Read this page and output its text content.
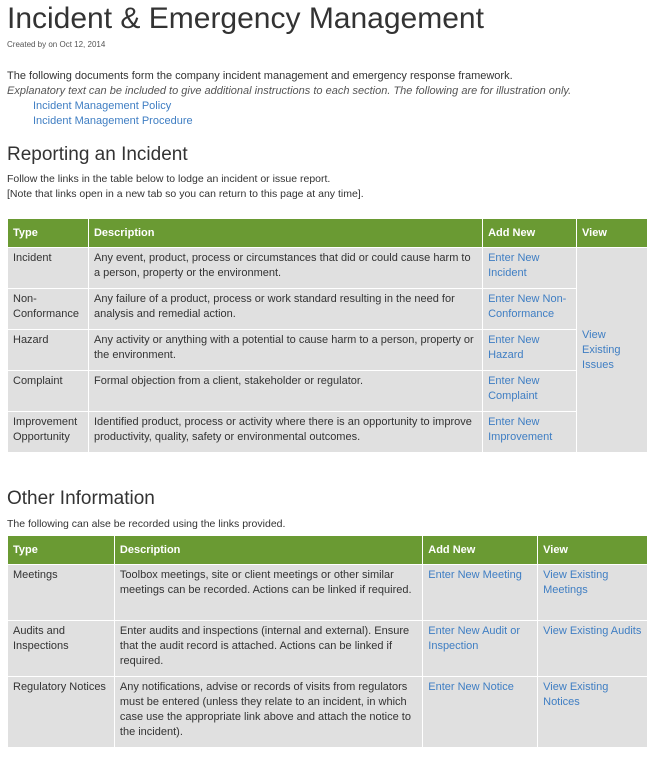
Incident & Emergency Management
Created by on Oct 12, 2014
The following documents form the company incident management and emergency response framework.
Explanatory text can be included to give additional instructions to each section. The following are for illustration only.
Incident Management Policy
Incident Management Procedure
Reporting an Incident
Follow the links in the table below to lodge an incident or issue report.
[Note that links open in a new tab so you can return to this page at any time].
Type	Description	Add New	View
Incident	Any event, product, process or circumstances that did or could cause harm to a person, property or the environment.	Enter New Incident	View Existing Issues
Non-Conformance	Any failure of a product, process or work standard resulting in the need for analysis and remedial action.	Enter New Non-Conformance	
Hazard	Any activity or anything with a potential to cause harm to a person, property or the environment.	Enter New Hazard	
Complaint	Formal objection from a client, stakeholder or regulator.	Enter New Complaint	
Improvement Opportunity	Identified product, process or activity where there is an opportunity to improve productivity, quality, safety or environmental outcomes.	Enter New Improvement	
Other Information
The following can alse be recorded using the links provided.
Type	Description	Add New	View
Meetings	Toolbox meetings, site or client meetings or other similar meetings can be recorded. Actions can be linked if required.	Enter New Meeting	View Existing Meetings
Audits and Inspections	Enter audits and inspections (internal and external). Ensure that the audit record is attached. Actions can be linked if required.	Enter New Audit or Inspection	View Existing Audits
Regulatory Notices	Any notifications, advise or records of visits from regulators must be entered (unless they relate to an incident, in which case use the appropriate link above and attach the notice to the incident).	Enter New Notice	View Existing Notices
